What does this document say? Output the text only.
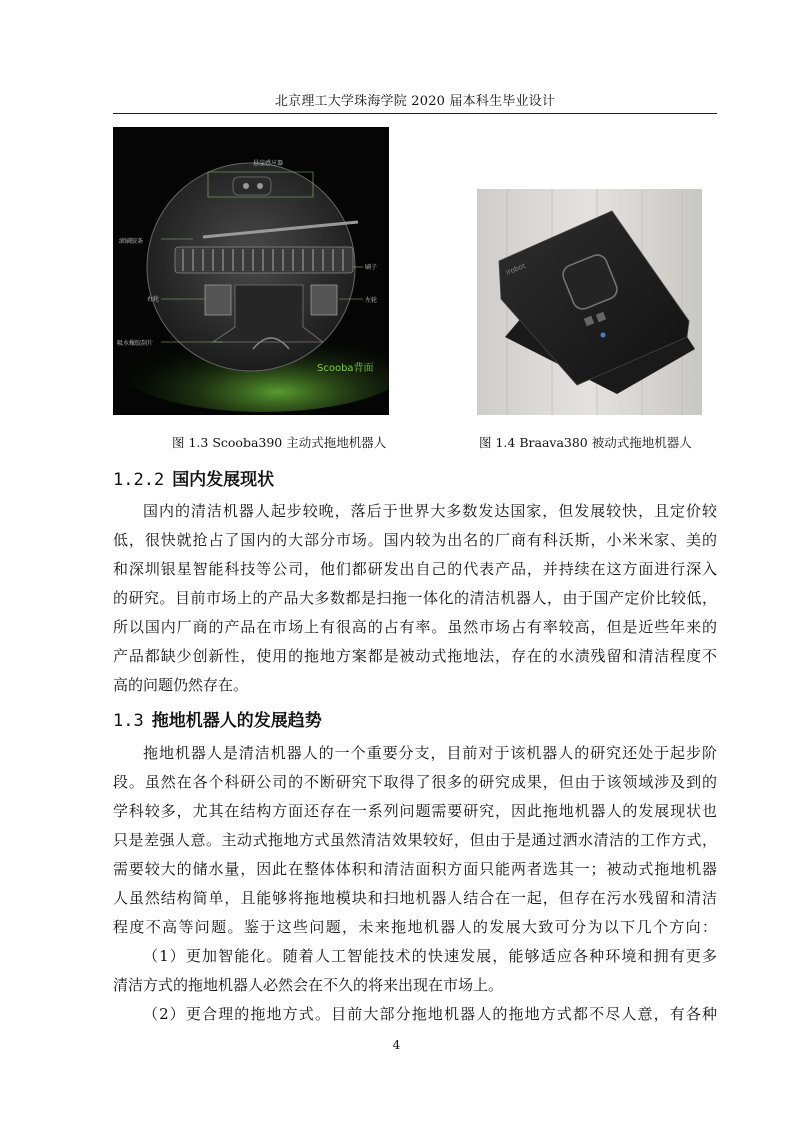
北京理工大学珠海学院 2020 届本科生毕业设计
悬崖感应器
滚刷胶条
刷子
右轮	左轮
吸水橡胶刮片
Scooba背面
irobot
图 1.3 Scooba390 主动式拖地机器人	图 1.4 Braava380 被动式拖地机器人
1.2.2 国内发展现状
国内的清洁机器人起步较晚，落后于世界大多数发达国家，但发展较快，且定价较
低，很快就抢占了国内的大部分市场。国内较为出名的厂商有科沃斯，小米米家、美的
和深圳银星智能科技等公司，他们都研发出自己的代表产品，并持续在这方面进行深入
的研究。目前市场上的产品大多数都是扫拖一体化的清洁机器人，由于国产定价比较低，
所以国内厂商的产品在市场上有很高的占有率。虽然市场占有率较高，但是近些年来的
产品都缺少创新性，使用的拖地方案都是被动式拖地法，存在的水渍残留和清洁程度不
高的问题仍然存在。
1.3 拖地机器人的发展趋势
拖地机器人是清洁机器人的一个重要分支，目前对于该机器人的研究还处于起步阶
段。虽然在各个科研公司的不断研究下取得了很多的研究成果，但由于该领域涉及到的
学科较多，尤其在结构方面还存在一系列问题需要研究，因此拖地机器人的发展现状也
只是差强人意。主动式拖地方式虽然清洁效果较好，但由于是通过洒水清洁的工作方式，
需要较大的储水量，因此在整体体积和清洁面积方面只能两者选其一；被动式拖地机器
人虽然结构简单，且能够将拖地模块和扫地机器人结合在一起，但存在污水残留和清洁
程度不高等问题。鉴于这些问题，未来拖地机器人的发展大致可分为以下几个方向：
（1）更加智能化。随着人工智能技术的快速发展，能够适应各种环境和拥有更多
清洁方式的拖地机器人必然会在不久的将来出现在市场上。
（2）更合理的拖地方式。目前大部分拖地机器人的拖地方式都不尽人意，有各种
4
